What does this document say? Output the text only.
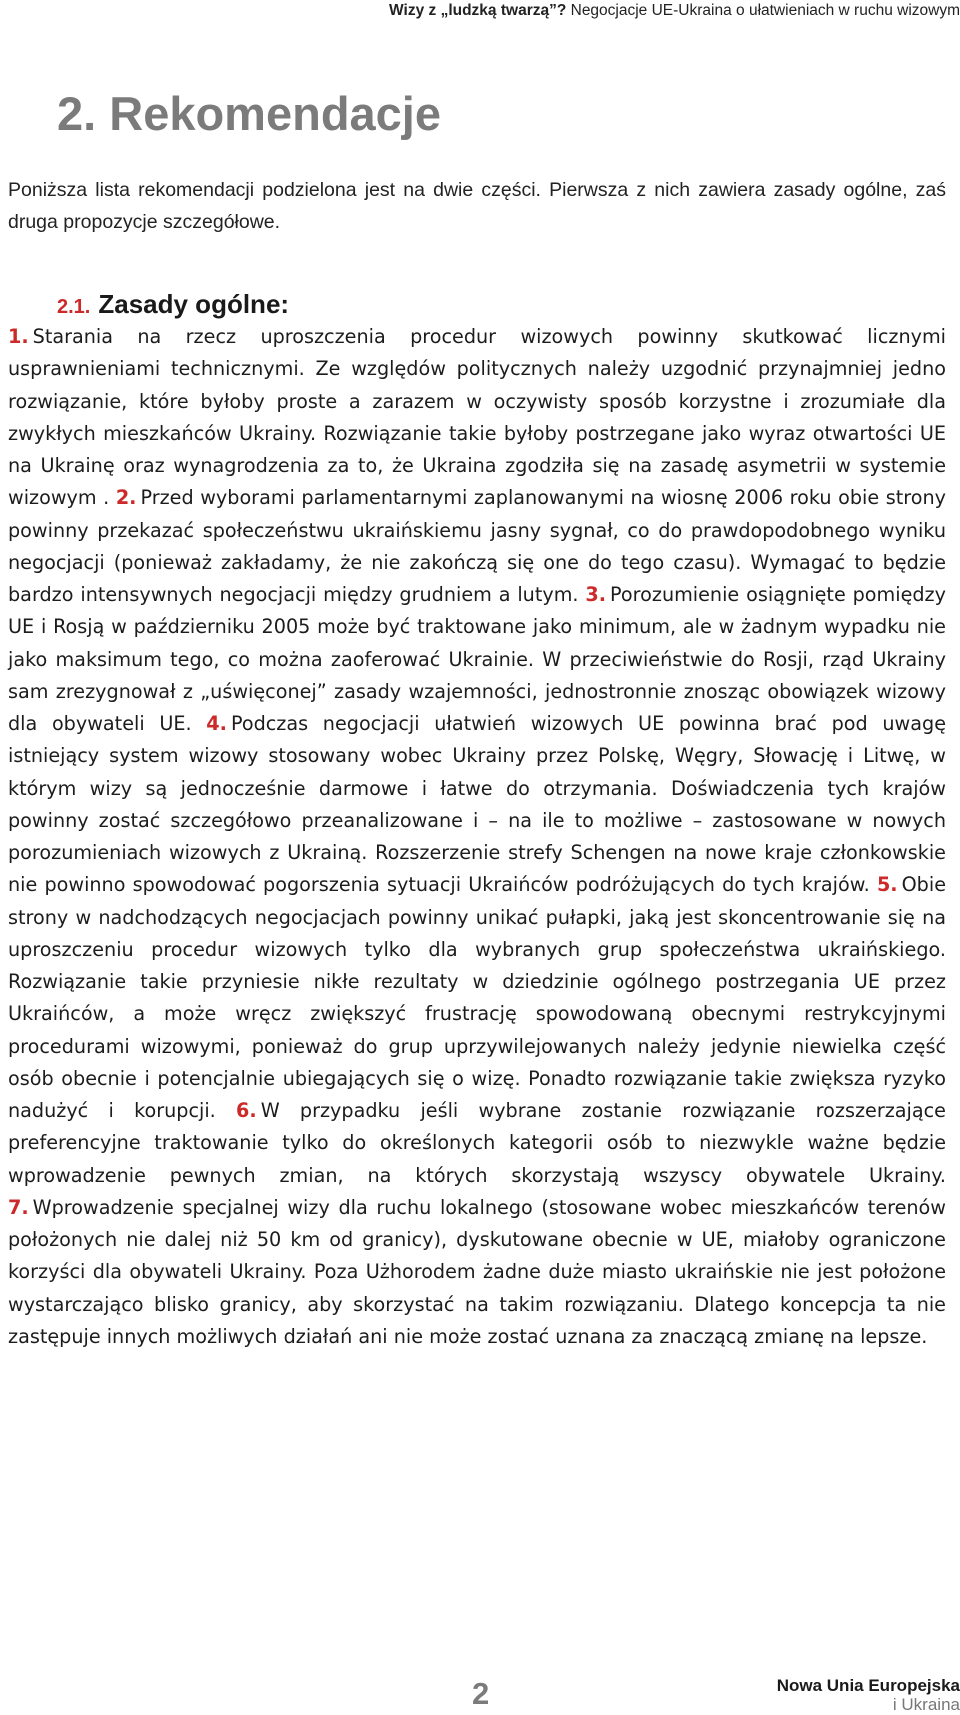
Wizy z „ludzką twarzą”? Negocjacje UE-Ukraina o ułatwieniach w ruchu wizowym
2. Rekomendacje

Poniższa lista rekomendacji podzielona jest na dwie części. Pierwsza z nich zawiera zasady ogólne, zaś druga propozycje szczegółowe.

2.1. Zasady ogólne:
1. Starania na rzecz uproszczenia procedur wizowych powinny skutkować licznymi usprawnieniami technicznymi. Ze względów politycznych należy uzgodnić przynajmniej jedno rozwiązanie, które byłoby proste a zarazem w oczywisty sposób korzystne i zrozumiałe dla zwykłych mieszkańców Ukrainy. Rozwiązanie takie byłoby postrzegane jako wyraz otwartości UE na Ukrainę oraz wynagrodzenia za to, że Ukraina zgodziła się na zasadę asymetrii w systemie wizowym . 2. Przed wyborami parlamentarnymi zaplanowanymi na wiosnę 2006 roku obie strony powinny przekazać społeczeństwu ukraińskiemu jasny sygnał, co do prawdopodobnego wyniku negocjacji (ponieważ zakładamy, że nie zakończą się one do tego czasu). Wymagać to będzie bardzo intensywnych negocjacji między grudniem a lutym. 3. Porozumienie osiągnięte pomiędzy UE i Rosją w październiku 2005 może być traktowane jako minimum, ale w żadnym wypadku nie jako maksimum tego, co można zaoferować Ukrainie. W przeciwieństwie do Rosji, rząd Ukrainy sam zrezygnował z „uświęconej” zasady wzajemności, jednostronnie znosząc obowiązek wizowy dla obywateli UE. 4. Podczas negocjacji ułatwień wizowych UE powinna brać pod uwagę istniejący system wizowy stosowany wobec Ukrainy przez Polskę, Węgry, Słowację i Litwę, w którym wizy są jednocześnie darmowe i łatwe do otrzymania. Doświadczenia tych krajów powinny zostać szczegółowo przeanalizowane i – na ile to możliwe – zastosowane w nowych porozumieniach wizowych z Ukrainą. Rozszerzenie strefy Schengen na nowe kraje członkowskie nie powinno spowodować pogorszenia sytuacji Ukraińców podróżujących do tych krajów. 5. Obie strony w nadchodzących negocjacjach powinny unikać pułapki, jaką jest skoncentrowanie się na uproszczeniu procedur wizowych tylko dla wybranych grup społeczeństwa ukraińskiego. Rozwiązanie takie przyniesie nikłe rezultaty w dziedzinie ogólnego postrzegania UE przez Ukraińców, a może wręcz zwiększyć frustrację spowodowaną obecnymi restrykcyjnymi procedurami wizowymi, ponieważ do grup uprzywilejowanych należy jedynie niewielka część osób obecnie i potencjalnie ubiegających się o wizę. Ponadto rozwiązanie takie zwiększa ryzyko nadużyć i korupcji. 6. W przypadku jeśli wybrane zostanie rozwiązanie rozszerzające preferencyjne traktowanie tylko do określonych kategorii osób to niezwykle ważne będzie wprowadzenie pewnych zmian, na których skorzystają wszyscy obywatele Ukrainy. 7. Wprowadzenie specjalnej wizy dla ruchu lokalnego (stosowane wobec mieszkańców terenów położonych nie dalej niż 50 km od granicy), dyskutowane obecnie w UE, miałoby ograniczone korzyści dla obywateli Ukrainy. Poza Użhorodem żadne duże miasto ukraińskie nie jest położone wystarczająco blisko granicy, aby skorzystać na takim rozwiązaniu. Dlatego koncepcja ta nie zastępuje innych możliwych działań ani nie może zostać uznana za znaczącą zmianę na lepsze.
2	Nowa Unia Europejska
i Ukraina
